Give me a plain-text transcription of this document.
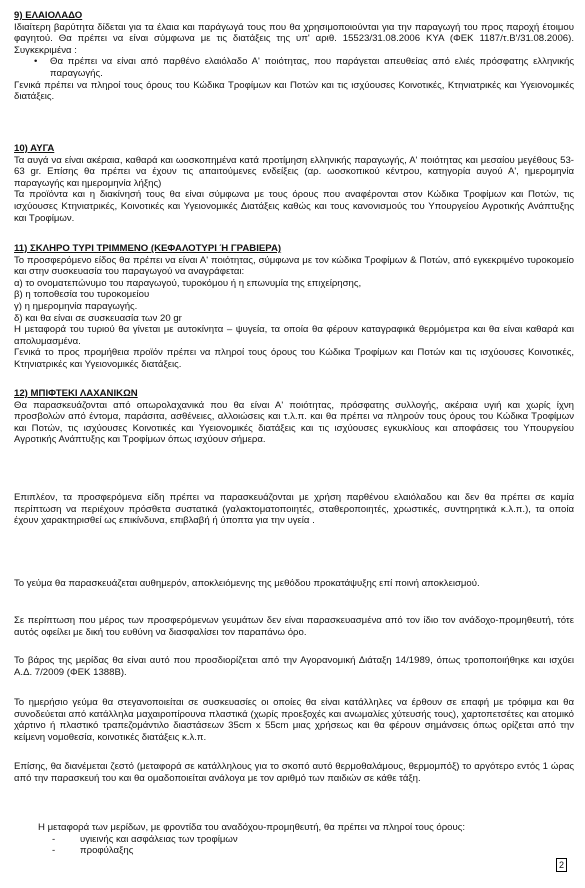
9) ΕΛΑΙΟΛΑΔΟ
Ιδιαίτερη βαρύτητα δίδεται για τα έλαια και παράγωγά τους που θα χρησιμοποιούνται για την παραγωγή του προς παροχή έτοιμου φαγητού. Θα πρέπει να είναι σύμφωνα με τις διατάξεις της υπ' αριθ. 15523/31.08.2006 ΚΥΑ (ΦΕΚ 1187/τ.Β'/31.08.2006). Συγκεκριμένα :
•	Θα πρέπει να είναι από παρθένο ελαιόλαδο Α' ποιότητας, που παράγεται απευθείας από ελιές πρόσφατης ελληνικής παραγωγής.
Γενικά πρέπει να πληροί τους όρους του Κώδικα Τροφίμων και Ποτών και τις ισχύουσες Κοινοτικές, Κτηνιατρικές και Υγειονομικές διατάξεις.
10) ΑΥΓΑ
Τα αυγά να είναι ακέραια, καθαρά και ωοσκοπημένα κατά προτίμηση ελληνικής παραγωγής, Α' ποιότητας και μεσαίου μεγέθους 53-63 gr. Επίσης θα πρέπει να έχουν τις απαιτούμενες ενδείξεις (αρ. ωοσκοπικού κέντρου, κατηγορία αυγού Α', ημερομηνία παραγωγής και ημερομηνία λήξης)
Τα προϊόντα και η διακίνησή τους θα είναι σύμφωνα με τους όρους που αναφέρονται στον Κώδικα Τροφίμων και Ποτών, τις ισχύουσες Κτηνιατρικές, Κοινοτικές και Υγειονομικές Διατάξεις καθώς και τους κανονισμούς του Υπουργείου Αγροτικής Ανάπτυξης και Τροφίμων.
11) ΣΚΛΗΡΟ ΤΥΡΙ ΤΡΙΜΜΕΝΟ (ΚΕΦΑΛΟΤΥΡΙ Ή ΓΡΑΒΙΕΡΑ)
Το προσφερόμενο είδος θα πρέπει να είναι Α' ποιότητας, σύμφωνα με τον κώδικα Τροφίμων & Ποτών, από εγκεκριμένο τυροκομείο και στην συσκευασία του παραγωγού να αναγράφεται:
α) το ονοματεπώνυμο του παραγωγού, τυροκόμου ή η επωνυμία της επιχείρησης,
β) η τοποθεσία του τυροκομείου
γ) η ημερομηνία παραγωγής.
δ) και θα είναι σε συσκευασία των 20 gr
Η μεταφορά του τυριού θα γίνεται με αυτοκίνητα – ψυγεία, τα οποία θα φέρουν καταγραφικά θερμόμετρα και θα είναι καθαρά και απολυμασμένα.
Γενικά το προς προμήθεια προϊόν πρέπει να πληροί τους όρους του Κώδικα Τροφίμων και Ποτών και τις ισχύουσες Κοινοτικές, Κτηνιατρικές και Υγειονομικές διατάξεις.
12) ΜΠΙΦΤΕΚΙ ΛΑΧΑΝΙΚΩΝ
Θα παρασκευάζονται από οπωρολαχανικά που θα είναι Α' ποιότητας, πρόσφατης συλλογής, ακέραια υγιή και χωρίς ίχνη προσβολών από έντομα, παράσιτα, ασθένειες, αλλοιώσεις και τ.λ.π. και θα πρέπει να πληρούν τους όρους του Κώδικα Τροφίμων και Ποτών, τις ισχύουσες Κοινοτικές και Υγειονομικές διατάξεις και τις ισχύουσες εγκυκλίους και αποφάσεις του Υπουργείου Αγροτικής Ανάπτυξης και Τροφίμων όπως ισχύουν σήμερα.
Επιπλέον, τα προσφερόμενα είδη πρέπει να παρασκευάζονται με χρήση παρθένου ελαιόλαδου και δεν θα πρέπει σε καμία περίπτωση να περιέχουν πρόσθετα συστατικά (γαλακτοματοποιητές, σταθεροποιητές, χρωστικές, συντηρητικά κ.λ.π.), τα οποία έχουν χαρακτηρισθεί ως επικίνδυνα, επιβλαβή ή ύποπτα για την υγεία .
Το γεύμα θα παρασκευάζεται αυθημερόν, αποκλειόμενης της μεθόδου προκατάψυξης επί ποινή αποκλεισμού.
Σε περίπτωση που μέρος των προσφερόμενων γευμάτων δεν είναι παρασκευασμένα από τον ίδιο τον ανάδοχο-προμηθευτή, τότε αυτός οφείλει με δική του ευθύνη να διασφαλίσει τον παραπάνω όρο.
Το βάρος της μερίδας θα είναι αυτό που προσδιορίζεται από την Αγορανομική Διάταξη 14/1989, όπως τροποποιήθηκε και ισχύει Α.Δ. 7/2009 (ΦΕΚ 1388Β).
Το ημερήσιο γεύμα θα στεγανοποιείται σε συσκευασίες οι οποίες θα είναι κατάλληλες να έρθουν σε επαφή με τρόφιμα και θα συνοδεύεται από κατάλληλα μαχαιροπίρουνα πλαστικά (χωρίς προεξοχές και ανωμαλίες χύτευσής τους), χαρτοπετσέτες και ατομικό χάρτινο ή πλαστικό τραπεζομάντιλο διαστάσεων 35cm x 55cm μιας χρήσεως και θα φέρουν σημάνσεις όπως ορίζεται από την κείμενη νομοθεσία, κοινοτικές διατάξεις κ.λ.π.
Επίσης, θα διανέμεται ζεστό (μεταφορά σε κατάλληλους για το σκοπό αυτό θερμοθαλάμους, θερμομπόξ) το αργότερο εντός 1 ώρας από την παρασκευή του και θα ομαδοποιείται ανάλογα με τον αριθμό των παιδιών σε κάθε τάξη.
Η μεταφορά των μερίδων, με φροντίδα του αναδόχου-προμηθευτή, θα πρέπει να πληροί τους όρους:
-	υγιεινής και ασφάλειας των τροφίμων
-	προφύλαξης
2
